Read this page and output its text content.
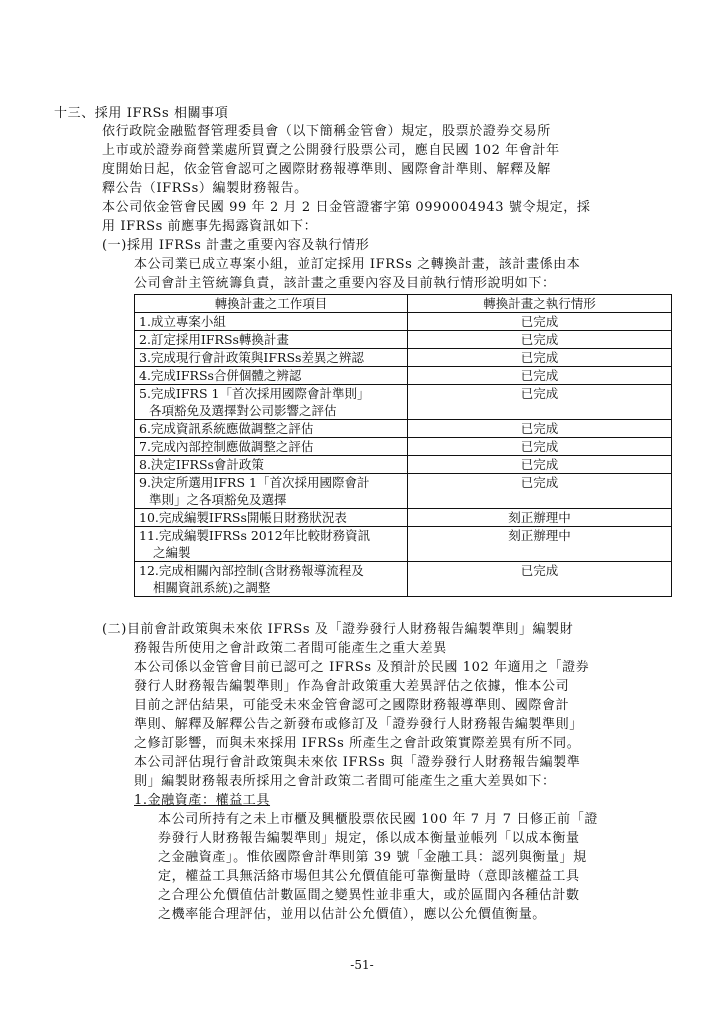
十三、採用 IFRSs 相關事項
依行政院金融監督管理委員會（以下簡稱金管會）規定，股票於證券交易所
上市或於證券商營業處所買賣之公開發行股票公司，應自民國 102 年會計年
度開始日起，依金管會認可之國際財務報導準則、國際會計準則、解釋及解
釋公告（IFRSs）編製財務報告。
本公司依金管會民國 99 年 2 月 2 日金管證審字第 0990004943 號令規定，採
用 IFRSs 前應事先揭露資訊如下：
(一)採用 IFRSs 計畫之重要內容及執行情形
本公司業已成立專案小組，並訂定採用 IFRSs 之轉換計畫，該計畫係由本
公司會計主管統籌負責，該計畫之重要內容及目前執行情形說明如下：
轉換計畫之工作項目	轉換計畫之執行情形

1.成立專案小組	已完成

2.訂定採用IFRSs轉換計畫	已完成

3.完成現行會計政策與IFRSs差異之辨認	已完成

4.完成IFRSs合併個體之辨認	已完成

5.完成IFRS 1「首次採用國際會計準則」
各項豁免及選擇對公司影響之評估	已完成

6.完成資訊系統應做調整之評估	已完成

7.完成內部控制應做調整之評估	已完成

8.決定IFRSs會計政策	已完成

9.決定所選用IFRS 1「首次採用國際會計
準則」之各項豁免及選擇	已完成

10.完成編製IFRSs開帳日財務狀況表	刻正辦理中

11.完成編製IFRSs 2012年比較財務資訊
之編製	刻正辦理中

12.完成相關內部控制(含財務報導流程及
相關資訊系統)之調整	已完成
(二)目前會計政策與未來依 IFRSs 及「證券發行人財務報告編製準則」編製財
務報告所使用之會計政策二者間可能產生之重大差異
本公司係以金管會目前已認可之 IFRSs 及預計於民國 102 年適用之「證券
發行人財務報告編製準則」作為會計政策重大差異評估之依據，惟本公司
目前之評估結果，可能受未來金管會認可之國際財務報導準則、國際會計
準則、解釋及解釋公告之新發布或修訂及「證券發行人財務報告編製準則」
之修訂影響，而與未來採用 IFRSs 所產生之會計政策實際差異有所不同。
本公司評估現行會計政策與未來依 IFRSs 與「證券發行人財務報告編製準
則」編製財務報表所採用之會計政策二者間可能產生之重大差異如下：
1.金融資產：權益工具
本公司所持有之未上市櫃及興櫃股票依民國 100 年 7 月 7 日修正前「證
券發行人財務報告編製準則」規定，係以成本衡量並帳列「以成本衡量
之金融資產」。惟依國際會計準則第 39 號「金融工具：認列與衡量」規
定，權益工具無活絡市場但其公允價值能可靠衡量時（意即該權益工具
之合理公允價值估計數區間之變異性並非重大，或於區間內各種估計數
之機率能合理評估，並用以估計公允價值），應以公允價值衡量。
-51-
